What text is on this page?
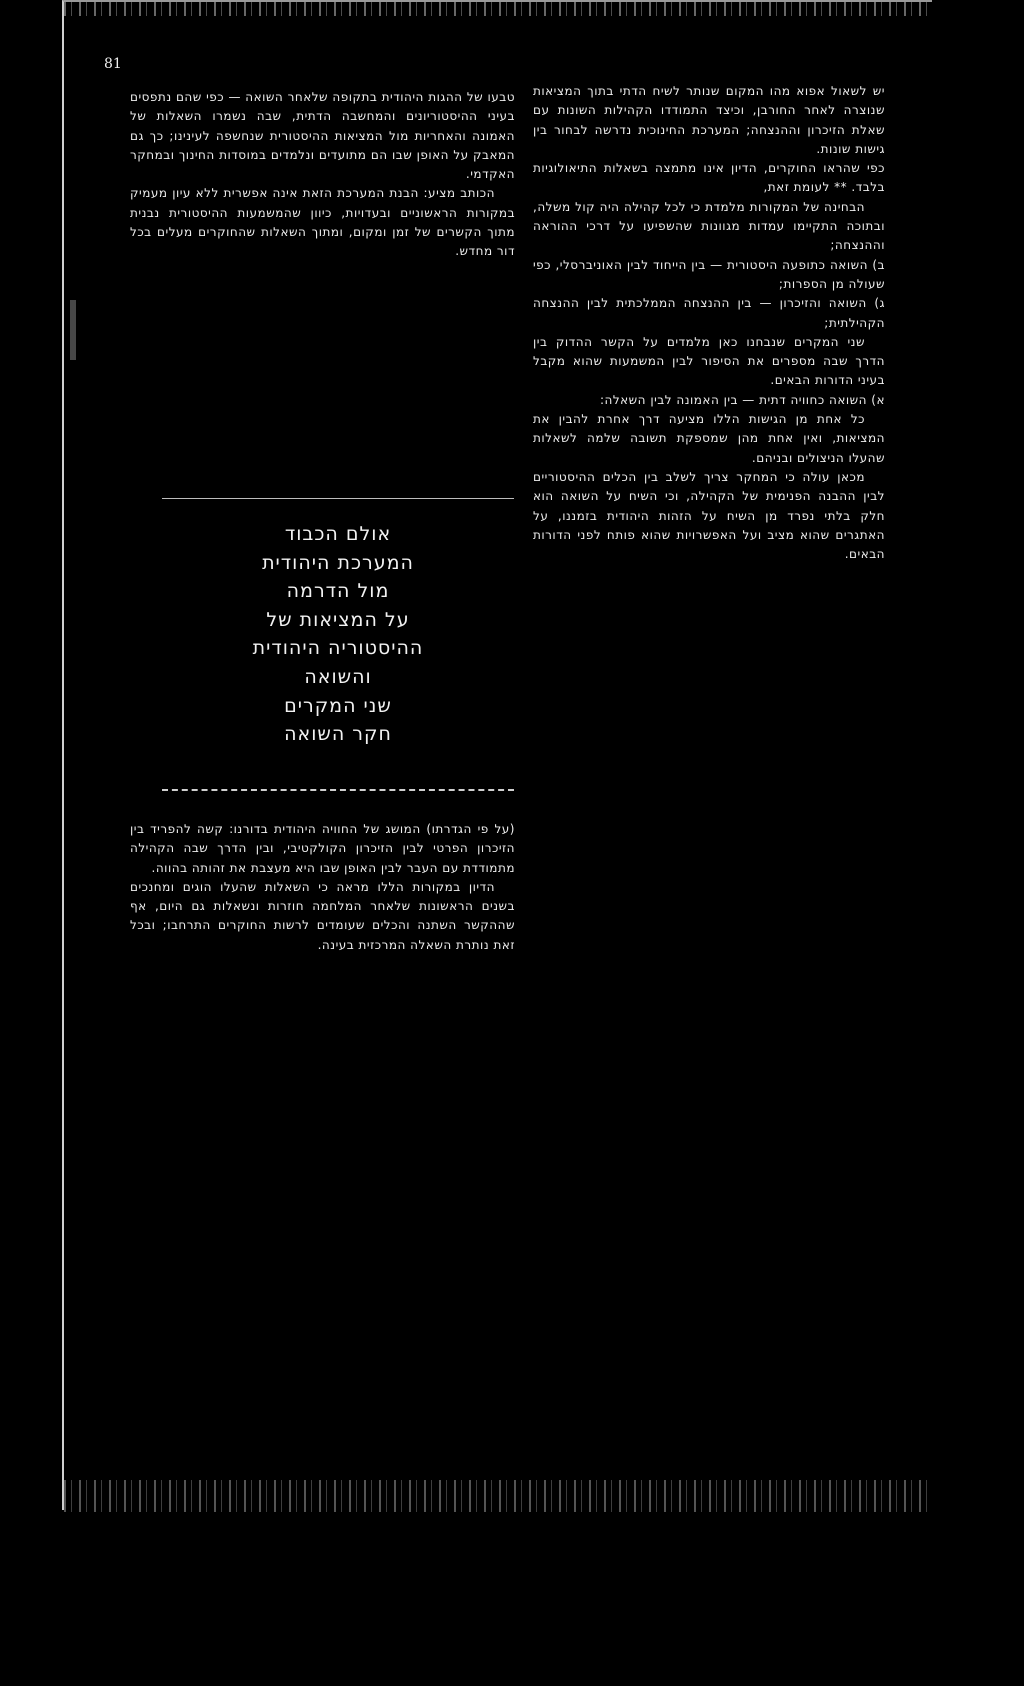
81

טבעו של ההגות היהודית בתקופה שלאחר השואה — כפי שהם נתפסים בעיני ההיסטוריונים והמחשבה הדתית, שבה נשמרו השאלות של האמונה והאחריות מול המציאות ההיסטורית שנחשפה לעינינו; כך גם המאבק על האופן שבו הם מתועדים ונלמדים במוסדות החינוך ובמחקר האקדמי.

הכותב מציע: הבנת המערכת הזאת אינה אפשרית ללא עיון מעמיק במקורות הראשוניים ובעדויות, כיוון שהמשמעות ההיסטורית נבנית מתוך הקשרים של זמן ומקום, ומתוך השאלות שהחוקרים מעלים בכל דור מחדש.

אולם הכבוד
המערכת היהודית
מול הדרמה
על המציאות של
ההיסטוריה היהודית
והשואה
שני המקרים
חקר השואה

(על פי הגדרתו) המושג של החוויה היהודית בדורנו: קשה להפריד בין הזיכרון הפרטי לבין הזיכרון הקולקטיבי, ובין הדרך שבה הקהילה מתמודדת עם העבר לבין האופן שבו היא מעצבת את זהותה בהווה.

הדיון במקורות הללו מראה כי השאלות שהעלו הוגים ומחנכים בשנים הראשונות שלאחר המלחמה חוזרות ונשאלות גם היום, אף שההקשר השתנה והכלים שעומדים לרשות החוקרים התרחבו; ובכל זאת נותרת השאלה המרכזית בעינה.

יש לשאול אפוא מהו המקום שנותר לשיח הדתי בתוך המציאות שנוצרה לאחר החורבן, וכיצד התמודדו הקהילות השונות עם שאלת הזיכרון וההנצחה; המערכת החינוכית נדרשה לבחור בין גישות שונות.

כפי שהראו החוקרים, הדיון אינו מתמצה בשאלות התיאולוגיות בלבד. ** לעומת זאת,

הבחינה של המקורות מלמדת כי לכל קהילה היה קול משלה, ובתוכה התקיימו עמדות מגוונות שהשפיעו על דרכי ההוראה וההנצחה;

ב) השואה כתופעה היסטורית — בין הייחוד לבין האוניברסלי, כפי שעולה מן הספרות;

ג) השואה והזיכרון — בין ההנצחה הממלכתית לבין ההנצחה הקהילתית;

שני המקרים שנבחנו כאן מלמדים על הקשר ההדוק בין הדרך שבה מספרים את הסיפור לבין המשמעות שהוא מקבל בעיני הדורות הבאים.

א) השואה כחוויה דתית — בין האמונה לבין השאלה:

כל אחת מן הגישות הללו מציעה דרך אחרת להבין את המציאות, ואין אחת מהן שמספקת תשובה שלמה לשאלות שהעלו הניצולים ובניהם.

מכאן עולה כי המחקר צריך לשלב בין הכלים ההיסטוריים לבין ההבנה הפנימית של הקהילה, וכי השיח על השואה הוא חלק בלתי נפרד מן השיח על הזהות היהודית בזמננו, על האתגרים שהוא מציב ועל האפשרויות שהוא פותח לפני הדורות הבאים.
